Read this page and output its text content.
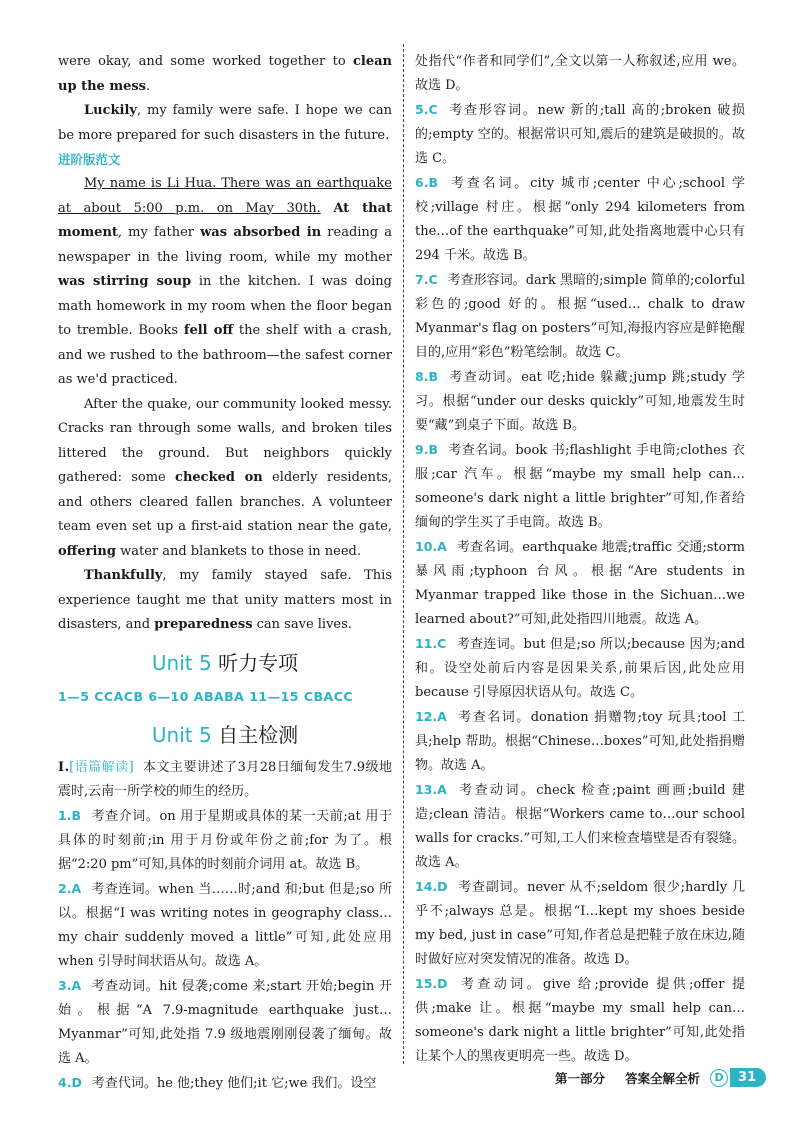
were okay, and some worked together to clean up the mess.

Luckily, my family were safe. I hope we can be more prepared for such disasters in the future.

进阶版范文

My name is Li Hua. There was an earthquake at about 5:00 p.m. on May 30th. At that moment, my father was absorbed in reading a newspaper in the living room, while my mother was stirring soup in the kitchen. I was doing math homework in my room when the floor began to tremble. Books fell off the shelf with a crash, and we rushed to the bathroom—the safest corner as we'd practiced.

After the quake, our community looked messy. Cracks ran through some walls, and broken tiles littered the ground. But neighbors quickly gathered: some checked on elderly residents, and others cleared fallen branches. A volunteer team even set up a first-aid station near the gate, offering water and blankets to those in need.

Thankfully, my family stayed safe. This experience taught me that unity matters most in disasters, and preparedness can save lives.

Unit 5 听力专项
1—5 CCACB 6—10 ABABA 11—15 CBACC
Unit 5 自主检测

Ⅰ.[语篇解读] 本文主要讲述了3月28日缅甸发生7.9级地震时,云南一所学校的师生的经历。

1.B 考查介词。on 用于星期或具体的某一天前;at 用于具体的时刻前;in 用于月份或年份之前;for 为了。根据“2:20 pm”可知,具体的时刻前介词用 at。故选 B。

2.A 考查连词。when 当……时;and 和;but 但是;so 所以。根据“I was writing notes in geography class…my chair suddenly moved a little”可知,此处应用 when 引导时间状语从句。故选 A。

3.A 考查动词。hit 侵袭;come 来;start 开始;begin 开始。根据“A 7.9-magnitude earthquake just…Myanmar”可知,此处指 7.9 级地震刚刚侵袭了缅甸。故选 A。

4.D 考查代词。he 他;they 他们;it 它;we 我们。设空

处指代“作者和同学们”,全文以第一人称叙述,应用 we。故选 D。

5.C 考查形容词。new 新的;tall 高的;broken 破损的;empty 空的。根据常识可知,震后的建筑是破损的。故选 C。

6.B 考查名词。city 城市;center 中心;school 学校;village 村庄。根据“only 294 kilometers from the…of the earthquake”可知,此处指离地震中心只有 294 千米。故选 B。

7.C 考查形容词。dark 黑暗的;simple 简单的;colorful 彩色的;good 好的。根据“used… chalk to draw Myanmar's flag on posters”可知,海报内容应是鲜艳醒目的,应用“彩色”粉笔绘制。故选 C。

8.B 考查动词。eat 吃;hide 躲藏;jump 跳;study 学习。根据“under our desks quickly”可知,地震发生时要“藏”到桌子下面。故选 B。

9.B 考查名词。book 书;flashlight 手电筒;clothes 衣服;car 汽车。根据“maybe my small help can…someone's dark night a little brighter”可知,作者给缅甸的学生买了手电筒。故选 B。

10.A 考查名词。earthquake 地震;traffic 交通;storm 暴风雨;typhoon 台风。根据“Are students in Myanmar trapped like those in the Sichuan…we learned about?”可知,此处指四川地震。故选 A。

11.C 考查连词。but 但是;so 所以;because 因为;and 和。设空处前后内容是因果关系,前果后因,此处应用 because 引导原因状语从句。故选 C。

12.A 考查名词。donation 捐赠物;toy 玩具;tool 工具;help 帮助。根据“Chinese…boxes”可知,此处指捐赠物。故选 A。

13.A 考查动词。check 检查;paint 画画;build 建造;clean 清洁。根据“Workers came to…our school walls for cracks.”可知,工人们来检查墙壁是否有裂缝。故选 A。

14.D 考查副词。never 从不;seldom 很少;hardly 几乎不;always 总是。根据“I…kept my shoes beside my bed, just in case”可知,作者总是把鞋子放在床边,随时做好应对突发情况的准备。故选 D。

15.D 考查动词。give 给;provide 提供;offer 提供;make 让。根据“maybe my small help can…someone's dark night a little brighter”可知,此处指让某个人的黑夜更明亮一些。故选 D。

第一部分 答案全解全析	D	31
